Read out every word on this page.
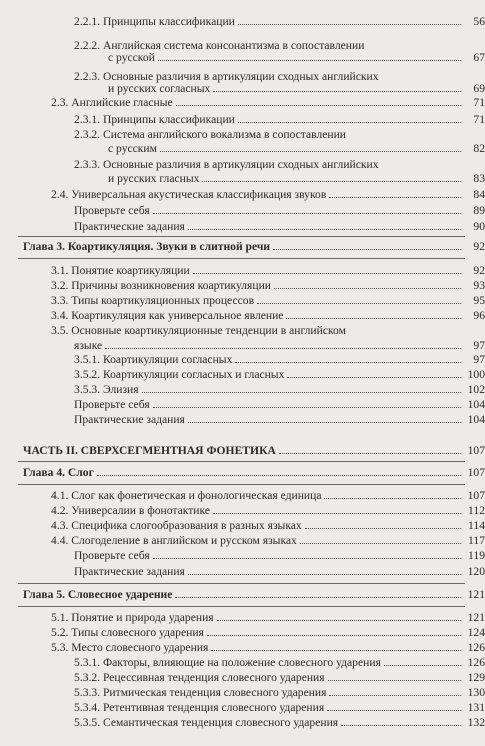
2.2.1. Принципы классификации	56
2.2.2. Английская система консонантизма в сопоставлении
с русской	67
2.2.3. Основные различия в артикуляции сходных английских
и русских согласных	69
2.3. Английские гласные	71
2.3.1. Принципы классификации	71
2.3.2. Система английского вокализма в сопоставлении
с русским	82
2.3.3. Основные различия в артикуляции сходных английских
и русских гласных	83
2.4. Универсальная акустическая классификация звуков	84
Проверьте себя	89
Практические задания	90
Глава 3. Коартикуляция. Звуки в слитной речи	92
3.1. Понятие коартикуляции	92
3.2. Причины возникновения коартикуляции	93
3.3. Типы коартикуляционных процессов	95
3.4. Коартикуляция как универсальное явление	96
3.5. Основные коартикуляционные тенденции в английском
языке	97
3.5.1. Коартикуляции согласных	97
3.5.2. Коартикуляции согласных и гласных	100
3.5.3. Элизия	102
Проверьте себя	104
Практические задания	104
ЧАСТЬ II. СВЕРХСЕГМЕНТНАЯ ФОНЕТИКА	107
Глава 4. Слог	107
4.1. Слог как фонетическая и фонологическая единица	107
4.2. Универсалии в фонотактике	112
4.3. Специфика слогообразования в разных языках	114
4.4. Слогоделение в английском и русском языках	117
Проверьте себя	119
Практические задания	120
Глава 5. Словесное ударение	121
5.1. Понятие и природа ударения	121
5.2. Типы словесного ударения	124
5.3. Место словесного ударения	126
5.3.1. Факторы, влияющие на положение словесного ударения	126
5.3.2. Рецессивная тенденция словесного ударения	129
5.3.3. Ритмическая тенденция словесного ударения	130
5.3.4. Ретентивная тенденция словесного ударения	131
5.3.5. Семантическая тенденция словесного ударения	132
